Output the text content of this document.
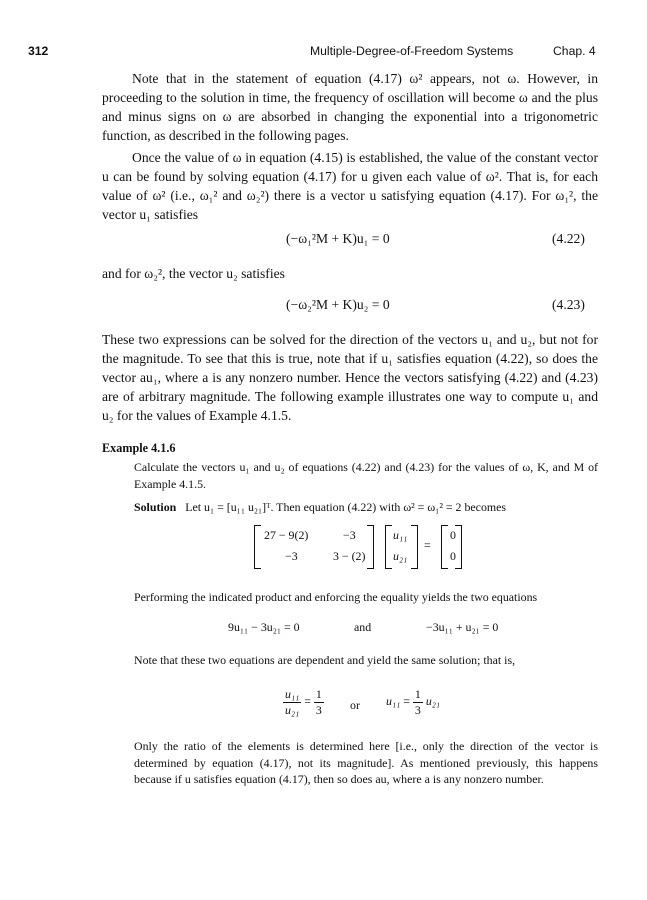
312	Multiple-Degree-of-Freedom Systems	Chap. 4

Note that in the statement of equation (4.17) ω² appears, not ω. However, in proceeding to the solution in time, the frequency of oscillation will become ω and the plus and minus signs on ω are absorbed in changing the exponential into a trigonometric function, as described in the following pages.

Once the value of ω in equation (4.15) is established, the value of the constant vector u can be found by solving equation (4.17) for u given each value of ω². That is, for each value of ω² (i.e., ω₁² and ω₂²) there is a vector u satisfying equation (4.17). For ω₁², the vector u₁ satisfies

(−ω₁²M + K)u₁ = 0	(4.22)

and for ω₂², the vector u₂ satisfies

(−ω₂²M + K)u₂ = 0	(4.23)

These two expressions can be solved for the direction of the vectors u₁ and u₂, but not for the magnitude. To see that this is true, note that if u₁ satisfies equation (4.22), so does the vector au₁, where a is any nonzero number. Hence the vectors satisfying (4.22) and (4.23) are of arbitrary magnitude. The following example illustrates one way to compute u₁ and u₂ for the values of Example 4.1.5.

Example 4.1.6

Calculate the vectors u₁ and u₂ of equations (4.22) and (4.23) for the values of ω, K, and M of Example 4.1.5.

Solution Let u₁ = [u₁₁ u₂₁]ᵀ. Then equation (4.22) with ω² = ω₁² = 2 becomes
27 − 9(2)	−3
−3	3 − (2)
u₁₁
u₂₁
=
0
0

Performing the indicated product and enforcing the equality yields the two equations

9u₁₁ − 3u₂₁ = 0	and	−3u₁₁ + u₂₁ = 0

Note that these two equations are dependent and yield the same solution; that is,

$\frac{\text{u₁₁}}{\text{u₂₁}} = \frac{1}{3}$ or $u_{11} = \frac{1}{3} u_{21}$

Only the ratio of the elements is determined here [i.e., only the direction of the vector is determined by equation (4.17), not its magnitude]. As mentioned previously, this happens because if u satisfies equation (4.17), then so does au, where a is any nonzero number.
